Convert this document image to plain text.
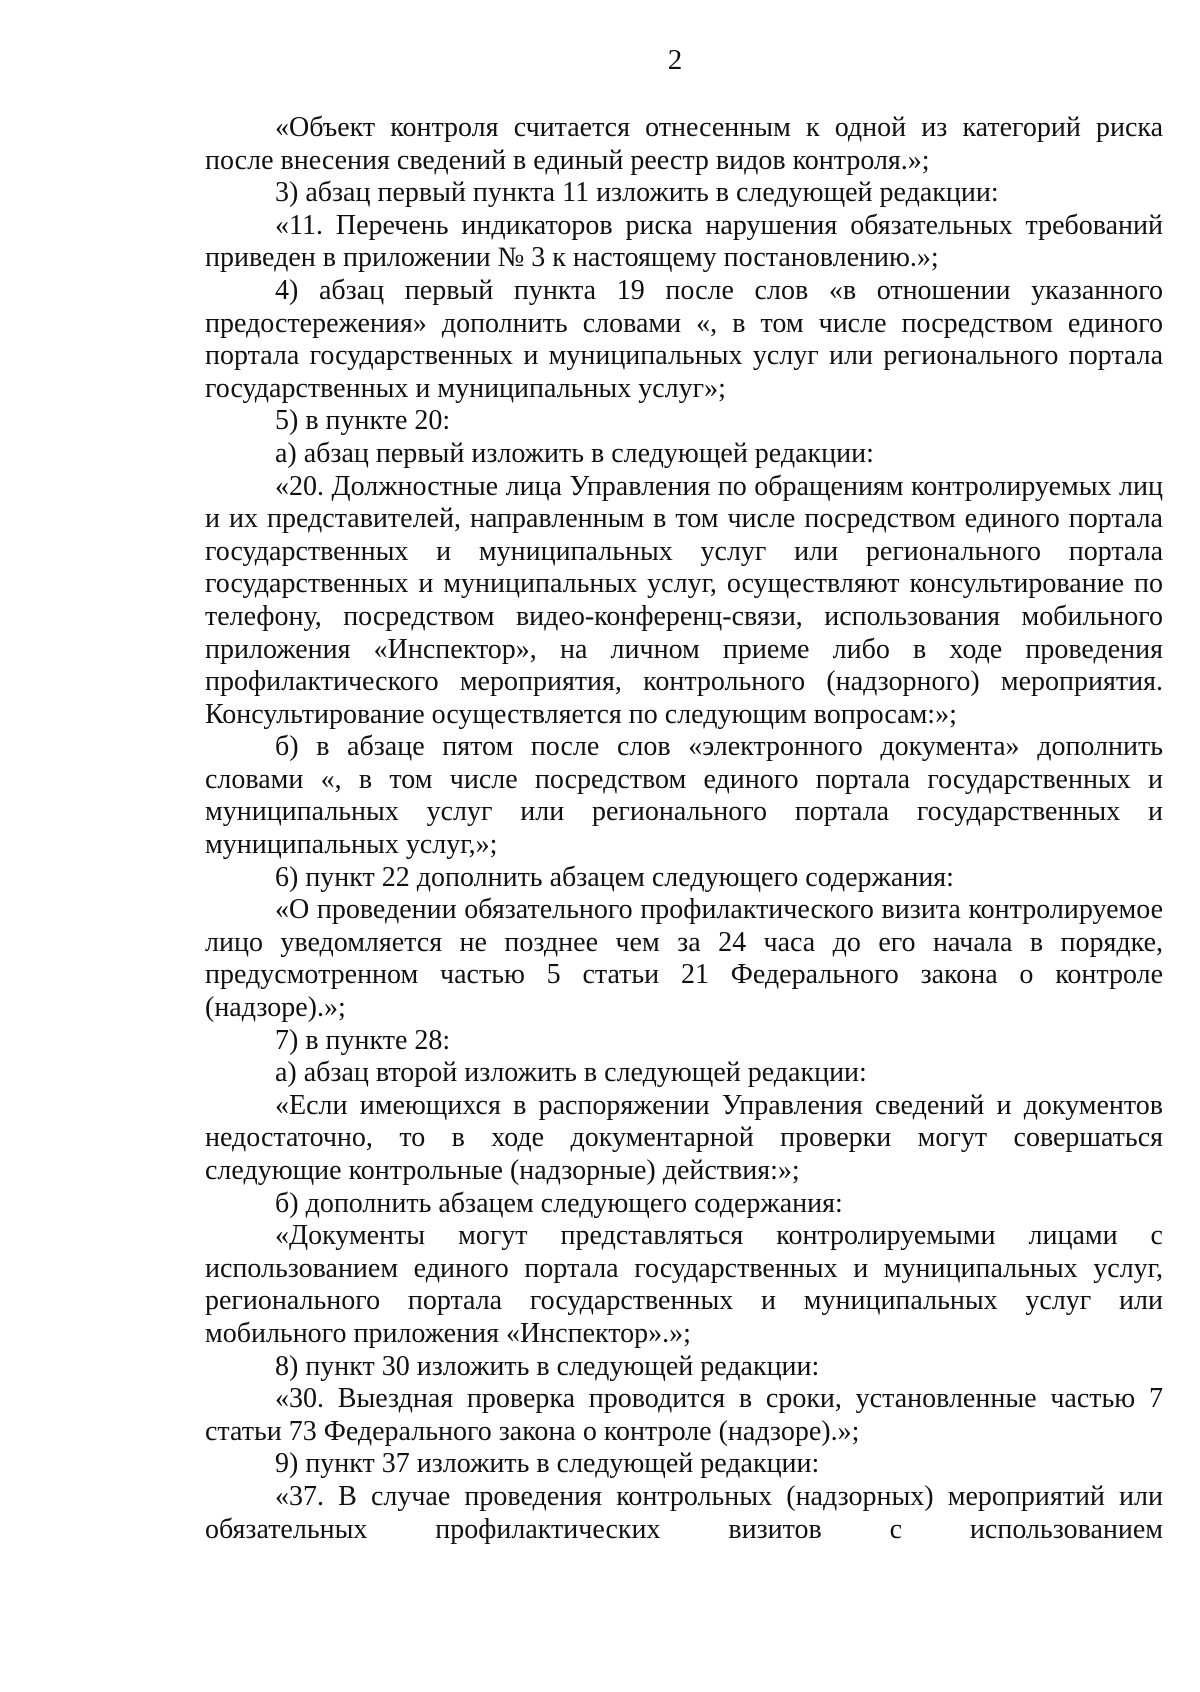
2

«Объект контроля считается отнесенным к одной из категорий риска после внесения сведений в единый реестр видов контроля.»;

3) абзац первый пункта 11 изложить в следующей редакции:

«11. Перечень индикаторов риска нарушения обязательных требований приведен в приложении № 3 к настоящему постановлению.»;

4) абзац первый пункта 19 после слов «в отношении указанного предостережения» дополнить словами «, в том числе посредством единого портала государственных и муниципальных услуг или регионального портала государственных и муниципальных услуг»;

5) в пункте 20:

а) абзац первый изложить в следующей редакции:

«20. Должностные лица Управления по обращениям контролируемых лиц и их представителей, направленным в том числе посредством единого портала государственных и муниципальных услуг или регионального портала государственных и муниципальных услуг, осуществляют консультирование по телефону, посредством видео-конференц-связи, использования мобильного приложения «Инспектор», на личном приеме либо в ходе проведения профилактического мероприятия, контрольного (надзорного) мероприятия. Консультирование осуществляется по следующим вопросам:»;

б) в абзаце пятом после слов «электронного документа» дополнить словами «, в том числе посредством единого портала государственных и муниципальных услуг или регионального портала государственных и муниципальных услуг,»;

6) пункт 22 дополнить абзацем следующего содержания:

«О проведении обязательного профилактического визита контролируемое лицо уведомляется не позднее чем за 24 часа до его начала в порядке, предусмотренном частью 5 статьи 21 Федерального закона о контроле (надзоре).»;

7) в пункте 28:

а) абзац второй изложить в следующей редакции:

«Если имеющихся в распоряжении Управления сведений и документов недостаточно, то в ходе документарной проверки могут совершаться следующие контрольные (надзорные) действия:»;

б) дополнить абзацем следующего содержания:

«Документы могут представляться контролируемыми лицами с использованием единого портала государственных и муниципальных услуг, регионального портала государственных и муниципальных услуг или мобильного приложения «Инспектор».»;

8) пункт 30 изложить в следующей редакции:

«30. Выездная проверка проводится в сроки, установленные частью 7 статьи 73 Федерального закона о контроле (надзоре).»;

9) пункт 37 изложить в следующей редакции:

«37. В случае проведения контрольных (надзорных) мероприятий или обязательных профилактических визитов с использованием
